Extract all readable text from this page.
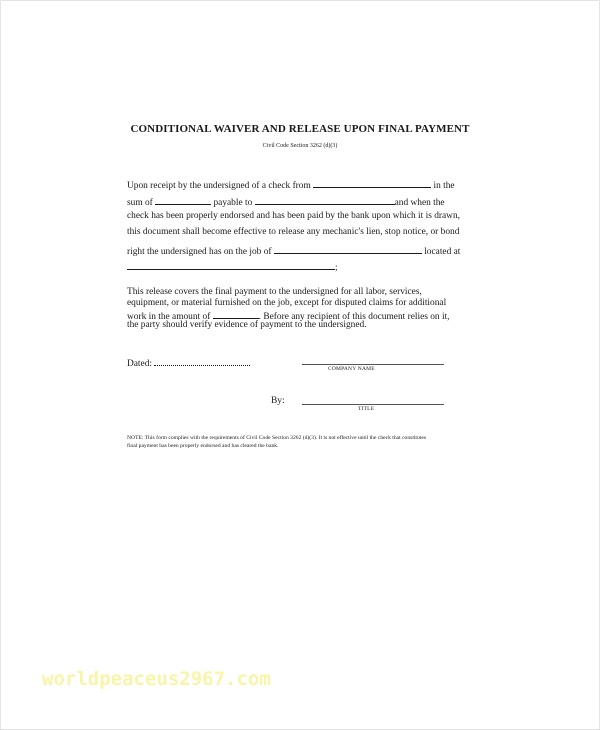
CONDITIONAL WAIVER AND RELEASE UPON FINAL PAYMENT
Civil Code Section 3262 (d)(3)
Upon receipt by the undersigned of a check from	in the
sum of	payable to	and when the
check has been properly endorsed and has been paid by the bank upon which it is drawn,
this document shall become effective to release any mechanic's lien, stop notice, or bond
right the undersigned has on the job of	located at
;
This release covers the final payment to the undersigned for all labor, services,
equipment, or material furnished on the job, except for disputed claims for additional
work in the amount of	. Before any recipient of this document relies on it,
the party should verify evidence of payment to the undersigned.
Dated:	COMPANY NAME
By:
TITLE
NOTE: This form complies with the requirements of Civil Code Section 3262 (d)(3). It is not effective until the check that constitutes
final payment has been properly endorsed and has cleared the bank.
worldpeaceus2967.com
